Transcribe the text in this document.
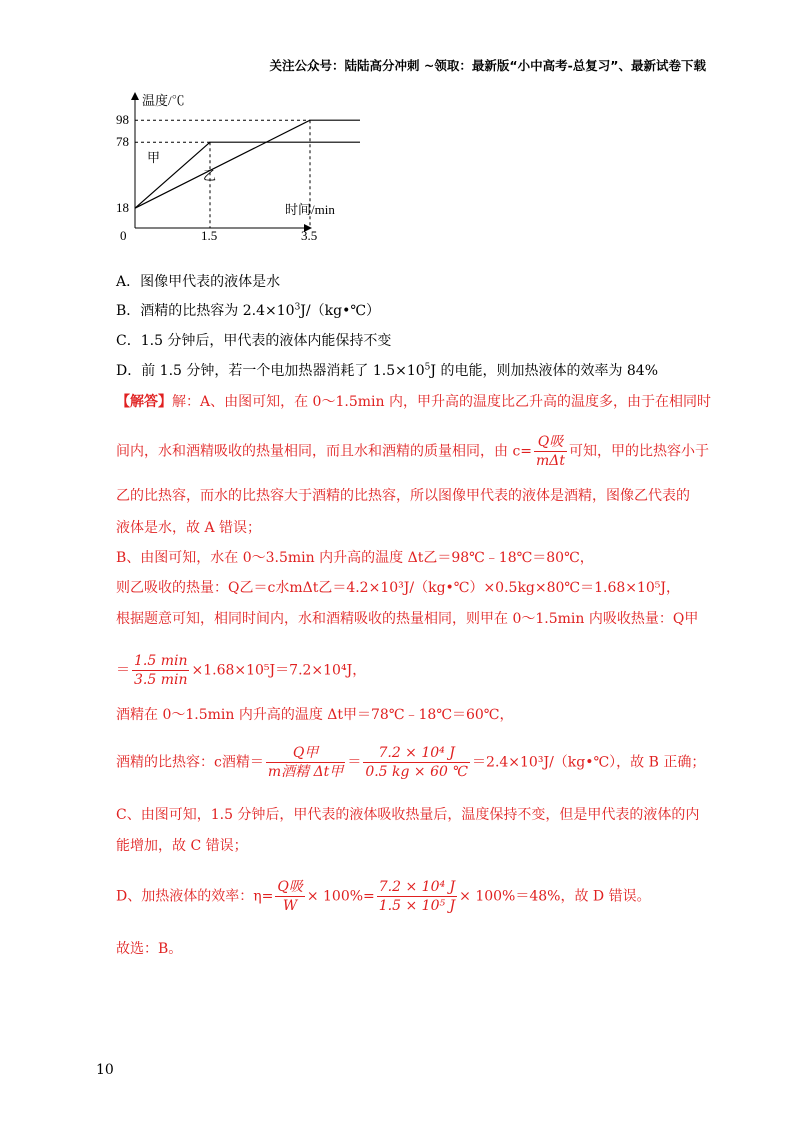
关注公众号：陆陆高分冲刺 ~领取：最新版“小中高考-总复习”、最新试卷下载
温度/℃
时间/min
0
18
78
98
1.5	3.5
甲
乙
A．图像甲代表的液体是水
B．酒精的比热容为 $2.4\times 10^3J/(kg•℃)$
C．1.5 分钟后，甲代表的液体内能保持不变
D．前 1.5 分钟，若一个电加热器消耗了 $1.5\times 10^5J$ 的电能，则加热液体的效率为 84%
【解答】解：A、由图可知，在 0～1.5min 内，甲升高的温度比乙升高的温度多，由于在相同时
间内，水和酒精吸收的热量相同，而且水和酒精的质量相同，由 $c= \frac{\text{Q吸}}{\text{mΔt}}$ 可知，甲的比热容小于
乙的比热容，而水的比热容大于酒精的比热容，所以图像甲代表的液体是酒精，图像乙代表的
液体是水，故 A 错误；
B、由图可知，水在 0～3.5min 内升高的温度 Δt乙＝98℃﹣18℃＝80℃，
则乙吸收的热量：Q乙＝c水mΔt乙＝4.2×10³J/（kg•℃）×0.5kg×80℃＝1.68×10⁵J，
根据题意可知，相同时间内，水和酒精吸收的热量相同，则甲在 0～1.5min 内吸收热量：Q甲
＝ $\frac{1.5 \min}{3.5 \min} \times 1.68\times 10^5J=7.2\times 10^4J$，
酒精在 0～1.5min 内升高的温度 Δt甲＝78℃﹣18℃＝60℃，
酒精的比热容：c酒精＝ $\frac{\text{Q甲}}{\text{m酒精 Δt甲}} = \frac{\text{7.2 × 10⁴ J}}{0.5 kg \times 60 ℃}$ ＝2.4×10³J/（kg•℃），故 B 正确；
C、由图可知，1.5 分钟后，甲代表的液体吸收热量后，温度保持不变，但是甲代表的液体的内
能增加，故 C 错误；
D、加热液体的效率：$\eta= \frac{\text{Q吸}}{W} \times 100\%= \frac{\text{7.2 × 10⁴ J}}{\text{1.5 × 10⁵ J}} \times 100\%=48\%$，故 D 错误。
故选：B。
10
